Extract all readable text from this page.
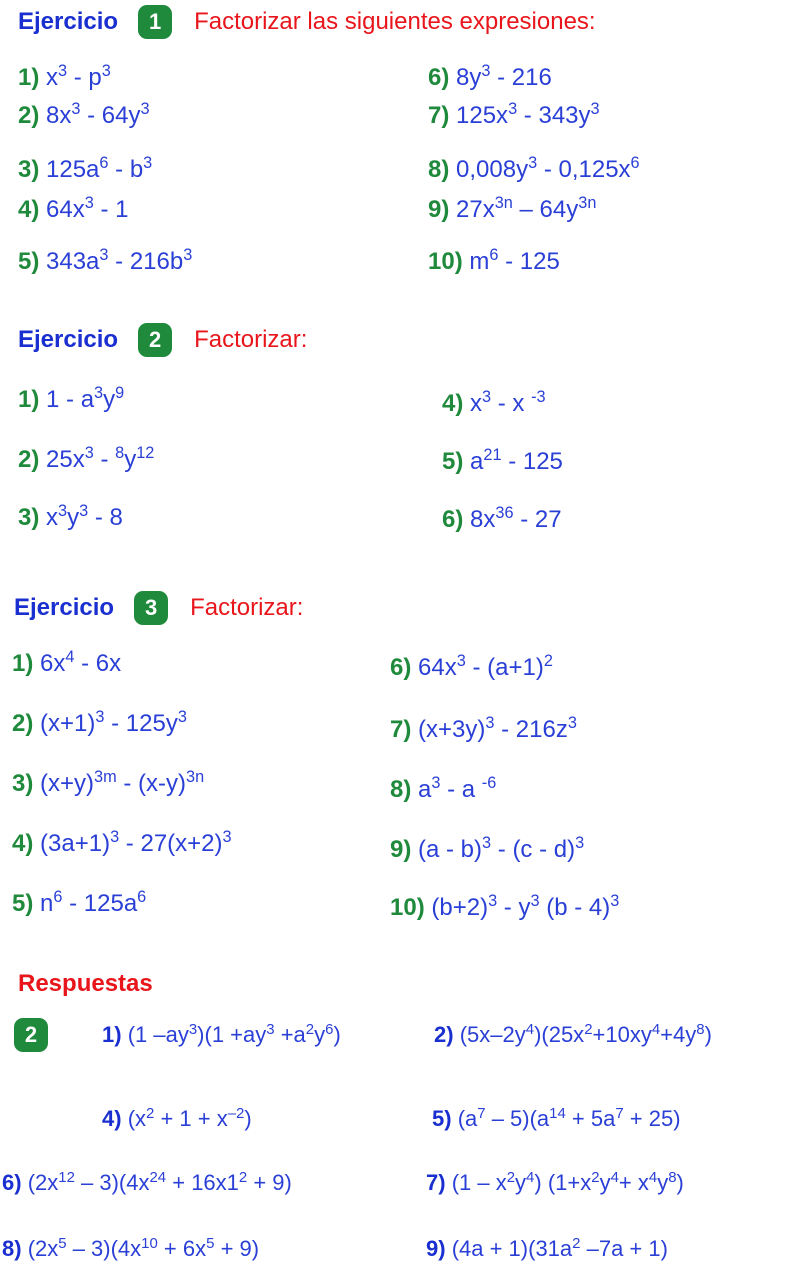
Ejercicio	1	Factorizar las siguientes expresiones:
1) $x^3 - p^3$
2) $8x^3 - 64y^3$
3) $125a^6 - b^3$
4) $64x^3 - 1$
5) $343a^3 - 216b^3$
6) $8y^3 - 216$
7) $125x^3 - 343y^3$
8) $0,008y^3 - 0,125x^6$
9) $27x^{3n} - 64y^{3n}$
10) $m^6 - 125$
Ejercicio	2	Factorizar:
1) $1 - a^3y^9$
2) $25x^3 - ^8y^{12}$
3) $x^3y^3 - 8$
4) $x^3$ - x $^{-3}$
5) $a^{21} - 125$
6) $8x^{36} - 27$
Ejercicio	3	Factorizar:
1) $6x^4 - 6x$
2) $(x+1)^3 - 125y^3$
3) $(x+y)^{3m} - (x-y)^{3n}$
4) $(3a+1)^3 - 27(x+2)^3$
5) $n^6 - 125a^6$
6) $64x^3 - (a+1)^2$
7) $(x+3y)^3 - 216z^3$
8) $a^3$ - a $^{-6}$
9) (a - b)$^3$ - (c - d)$^3$
10) $(b+2)^3 - y^3$ (b - 4)$^3$
Respuestas
2	1) (1 $-ay^3)(1 +ay^3 +a^2y^6)$	2) $(5x-2y^4)(25x^2+10xy^4+4y^8)$
4) $(x^2 + 1 + x^{-2})$	5) $(a^7 - 5)(a^{14} + 5a^7 + 25)$
6) $(2x^{12} - 3)(4x^{24} + 16x1^2 + 9)$	7) $(1 - x^2y^4)$ $(1+x^2y^4+ x^4y^8)$
8) $(2x^5 - 3)(4x^{10} + 6x^5 + 9)$	9) $(4a + 1)(31a^2$ –7a + 1)
